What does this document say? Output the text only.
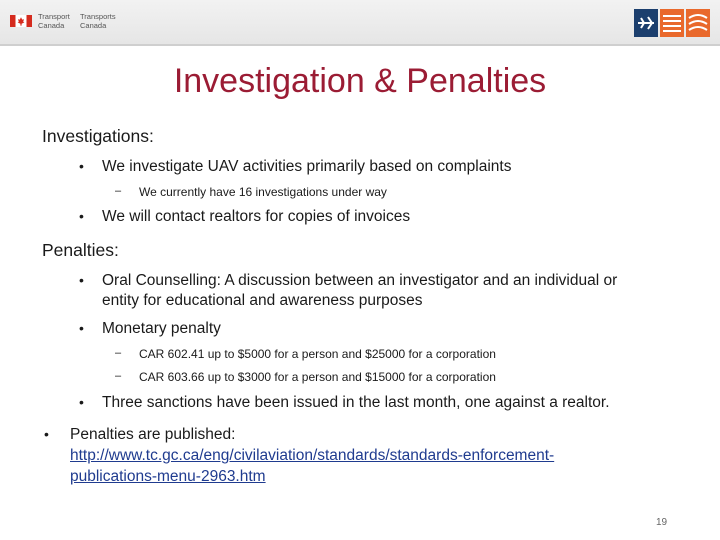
Transport
Canada
Transports
Canada
Investigation & Penalties
Investigations:
• We investigate UAV activities primarily based on complaints
– We currently have 16 investigations under way
• We will contact realtors for copies of invoices
Penalties:
• Oral Counselling: A discussion between an investigator and an individual or
entity for educational and awareness purposes
• Monetary penalty
– CAR 602.41 up to $5000 for a person and $25000 for a corporation
– CAR 603.66 up to $3000 for a person and $15000 for a corporation
• Three sanctions have been issued in the last month, one against a realtor.
• Penalties are published:
http://www.tc.gc.ca/eng/civilaviation/standards/standards-enforcement-
publications-menu-2963.htm
19
